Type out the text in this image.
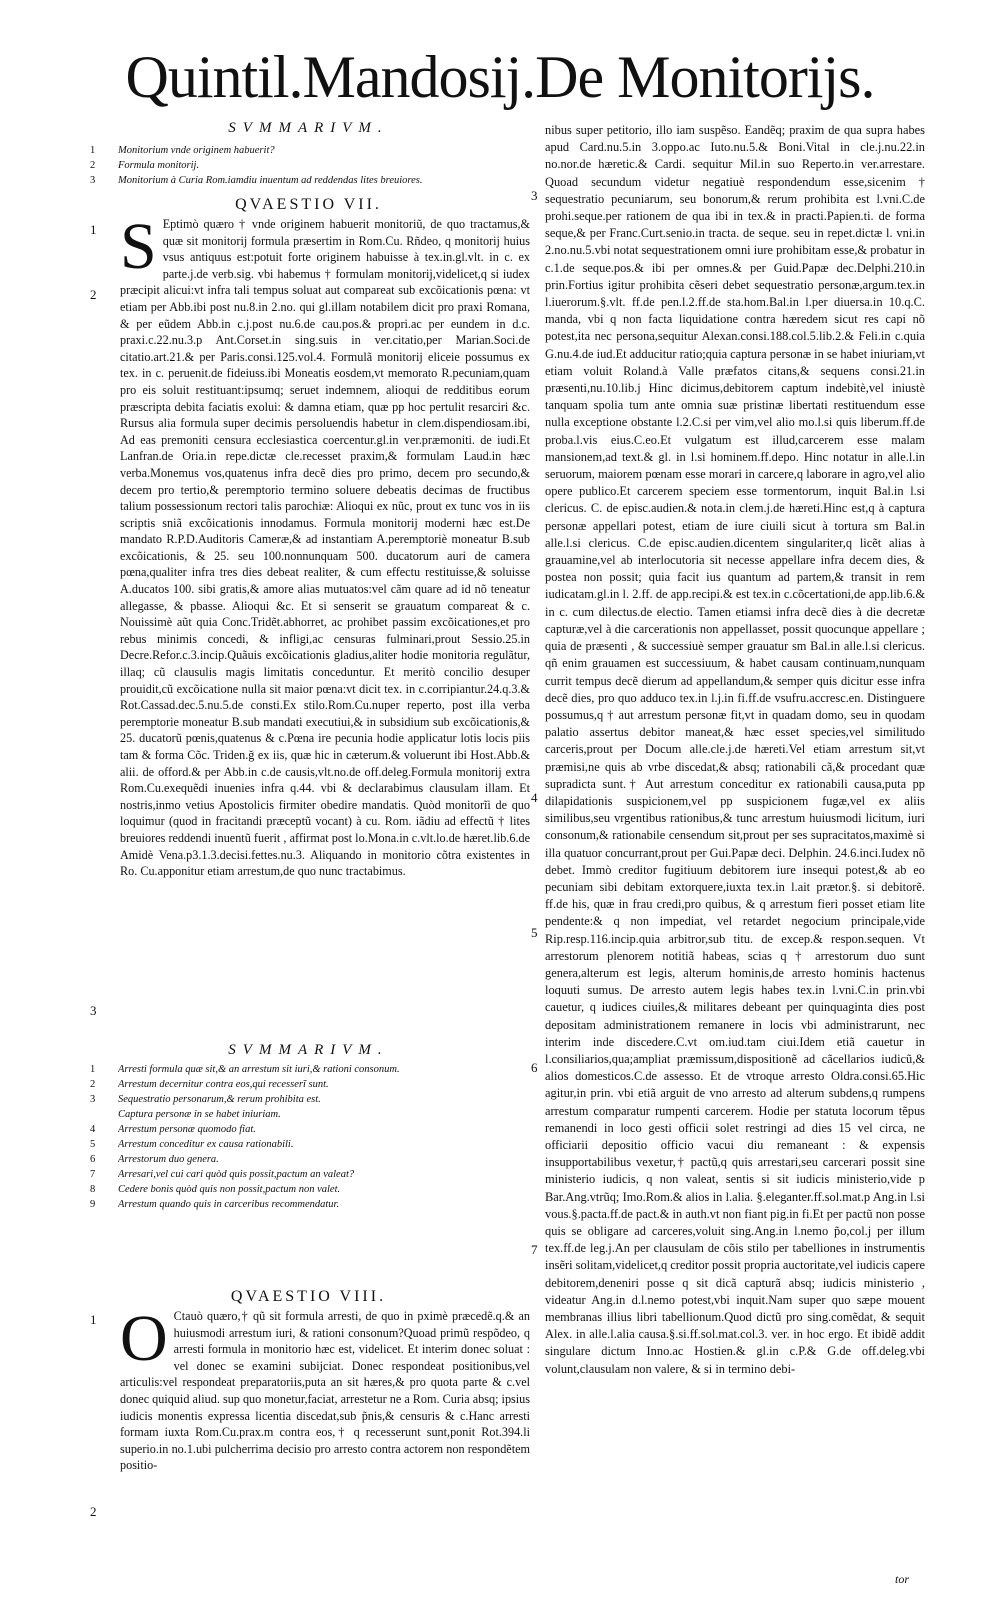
Quintil.Mandosij.De Monitorijs.
SVMMARIVM.
1	Monitorium vnde originem habuerit?
2	Formula monitorij.
3	Monitorium à Curia Rom.iamdiu inuentum ad reddendas lites breuiores.
QVAESTIO VII.
1
2
3
S Eptimò quæro † vnde originem habuerit monitoriũ, de quo tractamus,& quæ sit monitorij formula præsertim in Rom.Cu. Rñdeo, q monitorij huius vsus antiquus est:potuit forte originem habuisse à tex.in.gl.vlt. in c. ex parte.j.de verb.sig. vbi habemus † formulam monitorij,videlicet,q si iudex præcipit alicui:vt infra tali tempus soluat aut compareat sub excõicationis pœna: vt etiam per Abb.ibi post nu.8.in 2.no. qui gl.illam notabilem dicit pro praxi Romana, & per eũdem Abb.in c.j.post nu.6.de cau.pos.& propri.ac per eundem in d.c. praxi.c.22.nu.3.p Ant.Corset.in sing.suis in ver.citatio,per Marian.Soci.de citatio.art.21.& per Paris.consi.125.vol.4. Formulã monitorij eliceie possumus ex tex. in c. peruenit.de fideiuss.ibi Moneatis eosdem,vt memorato R.pecuniam,quam pro eis soluit restituant:ipsumq; seruet indemnem, alioqui de redditibus eorum præscripta debita faciatis exolui: & damna etiam, quæ pp hoc pertulit resarciri &c. Rursus alia formula super decimis persoluendis habetur in clem.dispendiosam.ibi, Ad eas premoniti censura ecclesiastica coercentur.gl.in ver.præmoniti. de iudi.Et Lanfran.de Oria.in repe.dictæ cle.recesset praxim,& formulam Laud.in hæc verba.Monemus vos,quatenus infra decẽ dies pro primo, decem pro secundo,& decem pro tertio,& peremptorio termino soluere debeatis decimas de fructibus talium possessionum rectori talis parochiæ: Alioqui ex nũc, prout ex tunc vos in iis scriptis sniã excõicationis innodamus. Formula monitorij moderni hæc est.De mandato R.P.D.Auditoris Cameræ,& ad instantiam A.peremptoriè moneatur B.sub excõicationis, & 25. seu 100.nonnunquam 500. ducatorum auri de camera pœna,qualiter infra tres dies debeat realiter, & cum effectu restituisse,& soluisse A.ducatos 100. sibi gratis,& amore alias mutuatos:vel cãm quare ad id nõ teneatur allegasse, & pbasse. Alioqui &c. Et si senserit se grauatum compareat & c. Nouissimè aũt quia Conc.Tridẽt.abhorret, ac prohibet passim excõicationes,et pro rebus minimis concedi, & infligi,ac censuras fulminari,prout Sessio.25.in Decre.Refor.c.3.incip.Quãuis excõicationis gladius,aliter hodie monitoria regulãtur, illaq; cũ clausulis magis limitatis conceduntur. Et meritò concilio desuper prouidit,cũ excõicatione nulla sit maior pœna:vt dicit tex. in c.corripiantur.24.q.3.& Rot.Cassad.dec.5.nu.5.de consti.Ex stilo.Rom.Cu.nuper reperto, post illa verba peremptorie moneatur B.sub mandati executiui,& in subsidium sub excõicationis,& 25. ducatorũ pœnis,quatenus & c.Pœna ire pecunia hodie applicatur lotis locis piis tam & forma Cõc. Triden.ğ ex iis, quæ hic in cæterum.& voluerunt ibi Host.Abb.& alii. de offord.& per Abb.in c.de causis,vlt.no.de off.deleg.Formula monitorij extra Rom.Cu.exequẽdi inuenies infra q.44. vbi & declarabimus clausulam illam. Et nostris,inmo vetius Apostolicis firmiter obedire mandatis. Quòd monitorĩi de quo loquimur (quod in fracitandi præceptũ vocant) à cu. Rom. iãdiu ad effectũ † lites breuiores reddendi inuentũ fuerit , affirmat post lo.Mona.in c.vlt.lo.de hæret.lib.6.de Amidè Vena.p3.1.3.decisi.fettes.nu.3. Aliquando in monitorio cõtra existentes in Ro. Cu.apponitur etiam arrestum,de quo nunc tractabimus.
SVMMARIVM.
1	Arresti formula quæ sit,& an arrestum sit iuri,& rationi consonum.
2	Arrestum decernitur contra eos,qui recesserĩ sunt.
3	Sequestratio personarum,& rerum prohibita est.
Captura personæ in se habet iniuriam.
4	Arrestum personæ quomodo fiat.
5	Arrestum conceditur ex causa rationabili.
6	Arrestorum duo genera.
7	Arresari,vel cui cari quòd quis possit,pactum an valeat?
8	Cedere bonis quòd quis non possit,pactum non valet.
9	Arrestum quando quis in carceribus recommendatur.
QVAESTIO VIII.
1
2
O Ctauò quæro,† qũ sit formula arresti, de quo in pximè præcedẽ.q.& an huiusmodi arrestum iuri, & rationi consonum?Quoad primũ respõdeo, q arresti formula in monitorio hæc est, videlicet. Et interim donec soluat : vel donec se examini subijciat. Donec respondeat positionibus,vel articulis:vel respondeat preparatoriis,puta an sit hæres,& pro quota parte & c.vel donec quiquid aliud. sup quo monetur,faciat, arrestetur ne a Rom. Curia absq; ipsius iudicis monentis expressa licentia discedat,sub p̃nis,& censuris & c.Hanc arresti formam iuxta Rom.Cu.prax.m contra eos,† q recesserunt sunt,ponit Rot.394.li superio.in no.1.ubi pulcherrima decisio pro arresto contra actorem non respondẽtem positio-
3
4
5
6
7
nibus super petitorio, illo iam suspẽso. Eandẽq; praxim de qua supra habes apud Card.nu.5.in 3.oppo.ac Iuto.nu.5.& Boni.Vital in cle.j.nu.22.in no.nor.de hæretic.& Cardi. sequitur Mil.in suo Reperto.in ver.arrestare. Quoad secundum videtur negatiuè respondendum esse,sicenim † sequestratio pecuniarum, seu bonorum,& rerum prohibita est l.vni.C.de prohi.seque.per rationem de qua ibi in tex.& in practi.Papien.ti. de forma seque,& per Franc.Curt.senio.in tracta. de seque. seu in repet.dictæ l. vni.in 2.no.nu.5.vbi notat sequestrationem omni iure prohibitam esse,& probatur in c.1.de seque.pos.& ibi per omnes.& per Guid.Papæ dec.Delphi.210.in prin.Fortius igitur prohibita cẽseri debet sequestratio personæ,argum.tex.in l.iuerorum.§.vlt. ff.de pen.l.2.ff.de sta.hom.Bal.in l.per diuersa.in 10.q.C. manda, vbi q non facta liquidatione contra hæredem sicut res capi nõ potest,ita nec persona,sequitur Alexan.consi.188.col.5.lib.2.& Feli.in c.quia G.nu.4.de iud.Et adducitur ratio;quia captura personæ in se habet iniuriam,vt etiam voluit Roland.à Valle præfatos citans,& sequens consi.21.in præsenti,nu.10.lib.j Hinc dicimus,debitorem captum indebitè,vel iniustè tanquam spolia tum ante omnia suæ pristinæ libertati restituendum esse nulla exceptione obstante l.2.C.si per vim,vel alio mo.l.si quis liberum.ff.de proba.l.vis eius.C.eo.Et vulgatum est illud,carcerem esse malam mansionem,ad text.& gl. in l.si hominem.ff.depo. Hinc notatur in alle.l.in seruorum, maiorem pœnam esse morari in carcere,q laborare in agro,vel alio opere publico.Et carcerem speciem esse tormentorum, inquit Bal.in l.si clericus. C. de episc.audien.& nota.in clem.j.de hæreti.Hinc est,q à captura personæ appellari potest, etiam de iure ciuili sicut à tortura sm Bal.in alle.l.si clericus. C.de episc.audien.dicentem singulariter,q licẽt alias à grauamine,vel ab interlocutoria sit necesse appellare infra decem dies, & postea non possit; quia facit ius quantum ad partem,& transit in rem iudicatam.gl.in l. 2.ff. de app.recipi.& est tex.in c.cõcertationi,de app.lib.6.& in c. cum dilectus.de electio. Tamen etiamsi infra decẽ dies à die decretæ capturæ,vel à die carcerationis non appellasset, possit quocunque appellare ; quia de præsenti , & successiuè semper grauatur sm Bal.in alle.l.si clericus. qñ enim grauamen est successiuum, & habet causam continuam,nunquam currit tempus decẽ dierum ad appellandum,& semper quis dicitur esse infra decẽ dies, pro quo adduco tex.in l.j.in fi.ff.de vsufru.accresc.en. Distinguere possumus,q † aut arrestum personæ fit,vt in quadam domo, seu in quodam palatio assertus debitor maneat,& hæc esset species,vel similitudo carceris,prout per Docum alle.cle.j.de hæreti.Vel etiam arrestum sit,vt præmisi,ne quis ab vrbe discedat,& absq; rationabili cã,& procedant quæ supradicta sunt.† Aut arrestum conceditur ex rationabili causa,puta pp dilapidationis suspicionem,vel pp suspicionem fugæ,vel ex aliis similibus,seu vrgentibus rationibus,& tunc arrestum huiusmodi licitum, iuri consonum,& rationabile censendum sit,prout per ses supracitatos,maximè si illa quatuor concurrant,prout per Gui.Papæ deci. Delphin. 24.6.inci.Iudex nõ debet. Immò creditor fugitiuum debitorem iure insequi potest,& ab eo pecuniam sibi debitam extorquere,iuxta tex.in l.ait prætor.§. si debitorẽ. ff.de his, quæ in frau credi,pro quibus, & q arrestum fieri posset etiam lite pendente:& q non impediat, vel retardet negocium principale,vide Rip.resp.116.incip.quia arbitror,sub titu. de excep.& respon.sequen. Vt arrestorum plenorem notitiã habeas, scias q † arrestorum duo sunt genera,alterum est legis, alterum hominis,de arresto hominis hactenus loquuti sumus. De arresto autem legis habes tex.in l.vni.C.in prin.vbi cauetur, q iudices ciuiles,& militares debeant per quinquaginta dies post depositam administrationem remanere in locis vbi administrarunt, nec interim inde discedere.C.vt om.iud.tam ciui.Idem etiã cauetur in l.consiliarios,qua;ampliat præmissum,dispositionẽ ad cãcellarios iudicũ,& alios domesticos.C.de assesso. Et de vtroque arresto Oldra.consi.65.Hic agitur,in prin. vbi etiã arguit de vno arresto ad alterum subdens,q rumpens arrestum comparatur rumpenti carcerem. Hodie per statuta locorum tẽpus remanendi in loco gesti officii solet restringi ad dies 15 vel circa, ne officiarii depositio officio vacui diu remaneant : & expensis insupportabilibus vexetur,† pactũ,q quis arrestari,seu carcerari possit sine ministerio iudicis, q non valeat, sentis si sit iudicis ministerio,vide p Bar.Ang.vtrũq; Imo.Rom.& alios in l.alia. §.eleganter.ff.sol.mat.p Ang.in l.si vous.§.pacta.ff.de pact.& in auth.vt non fiant pig.in fi.Et per pactũ non posse quis se obligare ad carceres,voluit sing.Ang.in l.nemo p̃o,col.j per illum tex.ff.de leg.j.An per clausulam de cõis stilo per tabelliones in instrumentis insẽri solitam,videlicet,q creditor possit propria auctoritate,vel iudicis capere debitorem,deneniri posse q sit dicã capturã absq; iudicis ministerio , videatur Ang.in d.l.nemo potest,vbi inquit.Nam super quo sæpe mouent membranas illius libri tabellionum.Quod dictũ pro sing.comẽdat, & sequit Alex. in alle.l.alia causa.§.si.ff.sol.mat.col.3. ver. in hoc ergo. Et ibidẽ addit singulare dictum Inno.ac Hostien.& gl.in c.P.& G.de off.deleg.vbi volunt,clausulam non valere, & si in termino debi-
tor
